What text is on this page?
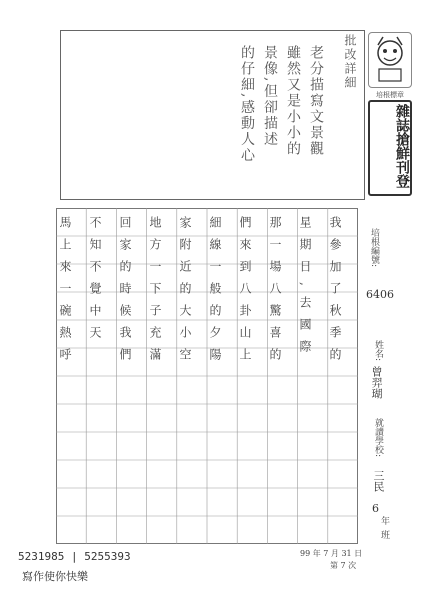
老分描寫文景觀
雖然又是小小的
景像,但卻描述
的仔細,感動人心	批改詳細
培根標章
雜誌搶鮮刊登
我參加了秋季的
星期日,去國際
那一場八驚喜的
們來到八卦山上
細線一般的夕陽
家附近的大小空
地方一下子充滿
回家的時候我們
不知不覺中天
馬上來一碗熱呼	培根編號:
6406
姓名:
曾羿瑚
就讀學校:
三民
6
年
班
99 年 7 月 31 日
第 7 次
5231985 | 5255393
寫作使你快樂
